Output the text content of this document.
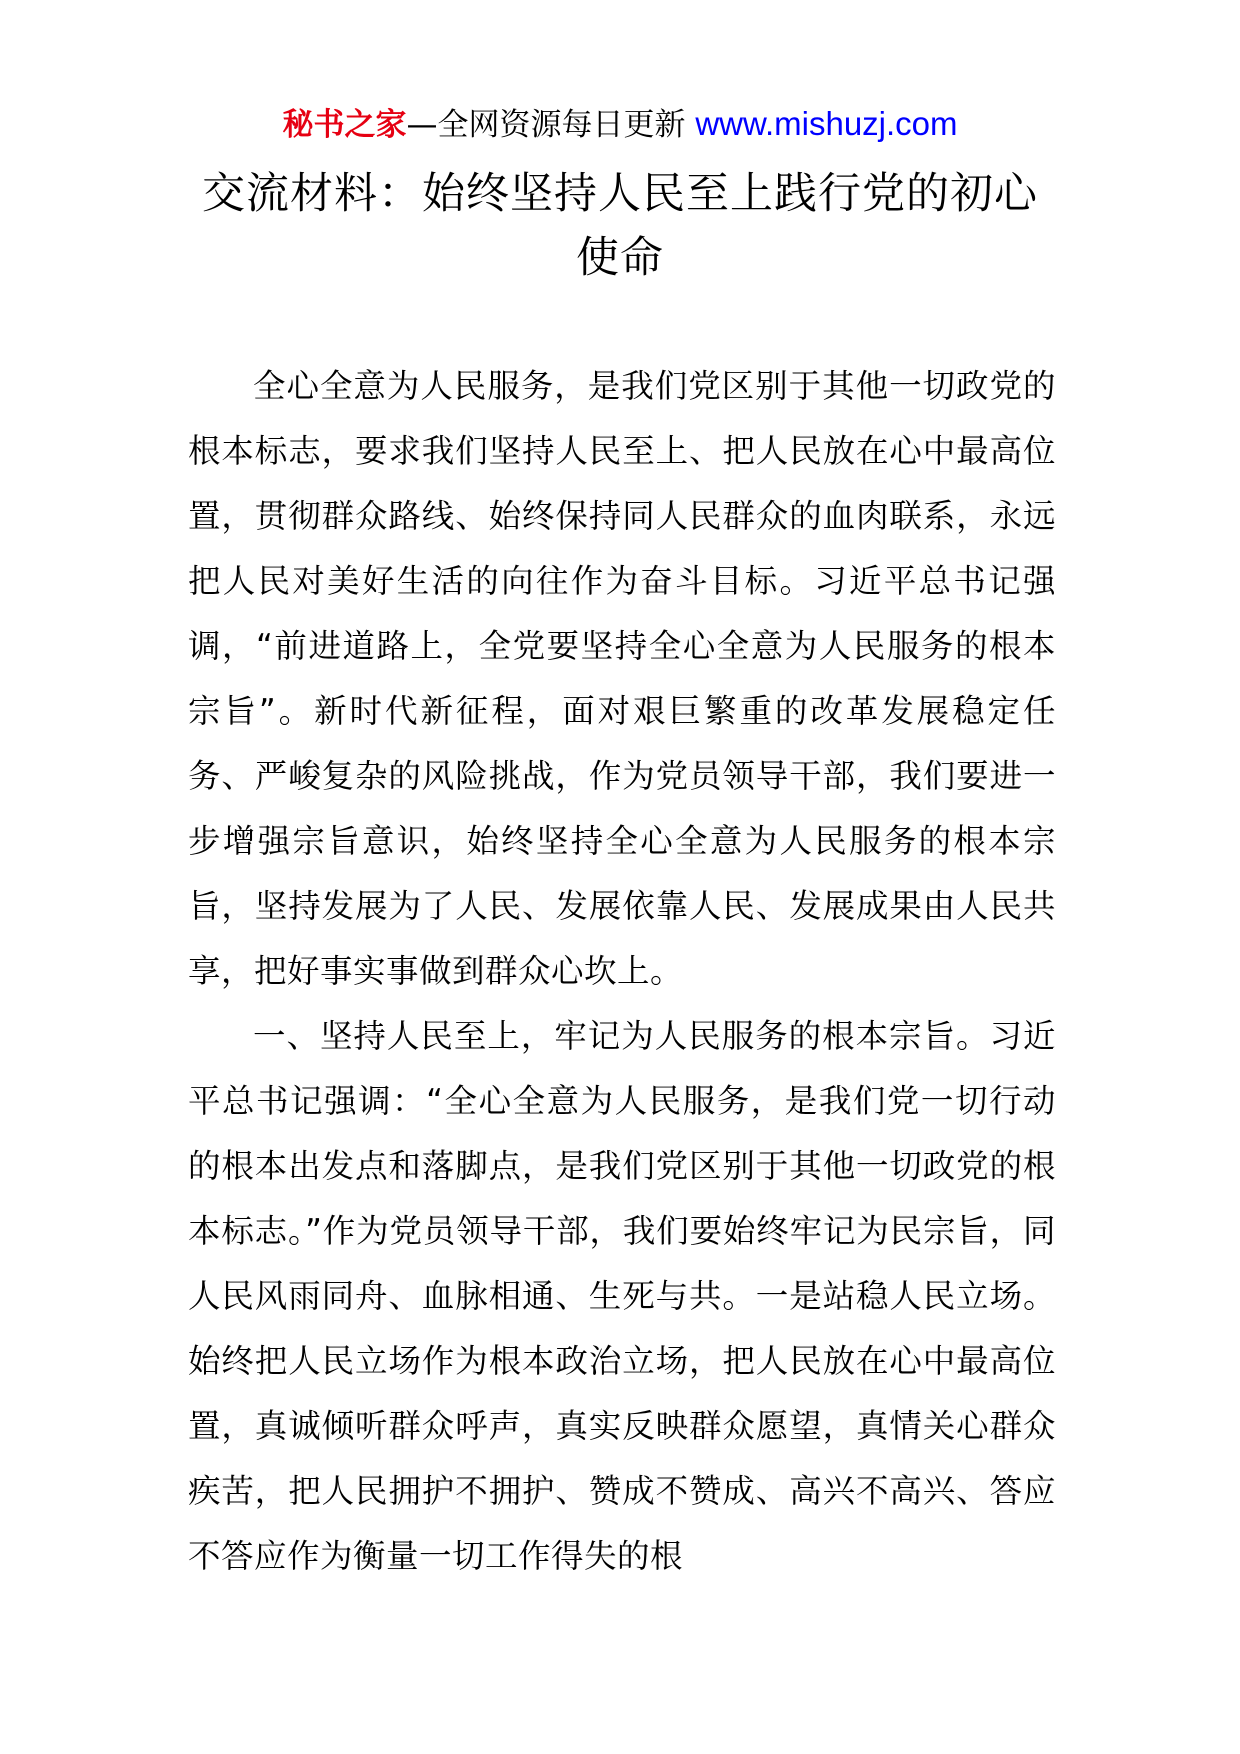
秘书之家—全网资源每日更新 www.mishuzj.com
交流材料：始终坚持人民至上践行党的初心使命

全心全意为人民服务，是我们党区别于其他一切政党的根本标志，要求我们坚持人民至上、把人民放在心中最高位置，贯彻群众路线、始终保持同人民群众的血肉联系，永远把人民对美好生活的向往作为奋斗目标。习近平总书记强调，“前进道路上，全党要坚持全心全意为人民服务的根本宗旨”。新时代新征程，面对艰巨繁重的改革发展稳定任务、严峻复杂的风险挑战，作为党员领导干部，我们要进一步增强宗旨意识，始终坚持全心全意为人民服务的根本宗旨，坚持发展为了人民、发展依靠人民、发展成果由人民共享，把好事实事做到群众心坎上。

一、坚持人民至上，牢记为人民服务的根本宗旨。习近平总书记强调：“全心全意为人民服务，是我们党一切行动的根本出发点和落脚点，是我们党区别于其他一切政党的根本标志。”作为党员领导干部，我们要始终牢记为民宗旨，同人民风雨同舟、血脉相通、生死与共。一是站稳人民立场。始终把人民立场作为根本政治立场，把人民放在心中最高位置，真诚倾听群众呼声，真实反映群众愿望，真情关心群众疾苦，把人民拥护不拥护、赞成不赞成、高兴不高兴、答应不答应作为衡量一切工作得失的根
